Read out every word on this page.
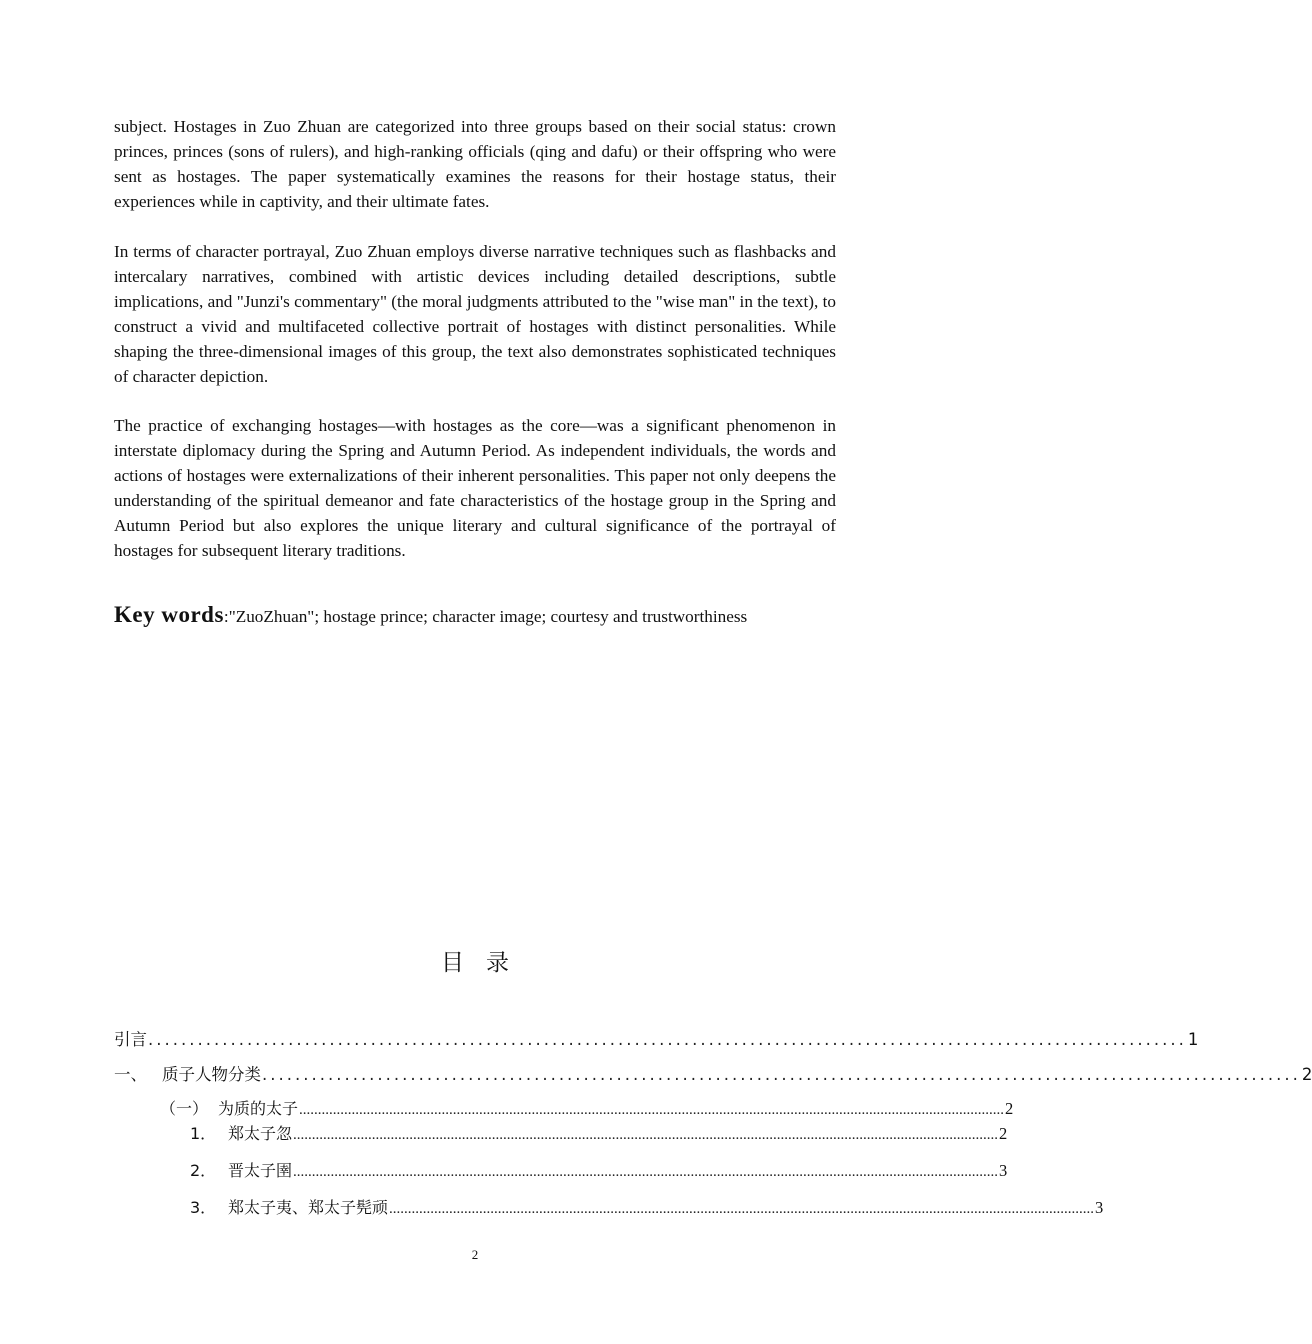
subject. Hostages in Zuo Zhuan are categorized into three groups based on their social status: crown princes, princes (sons of rulers), and high-ranking officials (qing and dafu) or their offspring who were sent as hostages. The paper systematically examines the reasons for their hostage status, their experiences while in captivity, and their ultimate fates.

In terms of character portrayal, Zuo Zhuan employs diverse narrative techniques such as flashbacks and intercalary narratives, combined with artistic devices including detailed descriptions, subtle implications, and "Junzi's commentary" (the moral judgments attributed to the "wise man" in the text), to construct a vivid and multifaceted collective portrait of hostages with distinct personalities. While shaping the three-dimensional images of this group, the text also demonstrates sophisticated techniques of character depiction.

The practice of exchanging hostages—with hostages as the core—was a significant phenomenon in interstate diplomacy during the Spring and Autumn Period. As independent individuals, the words and actions of hostages were externalizations of their inherent personalities. This paper not only deepens the understanding of the spiritual demeanor and fate characteristics of the hostage group in the Spring and Autumn Period but also explores the unique literary and cultural significance of the portrayal of hostages for subsequent literary traditions.

Key words:"ZuoZhuan"; hostage prince; character image; courtesy and trustworthiness
目录
引言 .............................................................................................................................. 1
一、 质子人物分类 .............................................................................................................................. 2
（一） 为质的太子 ............................................................................................................................................................................................ 2
1． 郑太子忽 ............................................................................................................................................................................................ 2
2． 晋太子圉 ............................................................................................................................................................................................ 3
3． 郑太子夷、郑太子髡顽 ............................................................................................................................................................................................ 3
2
